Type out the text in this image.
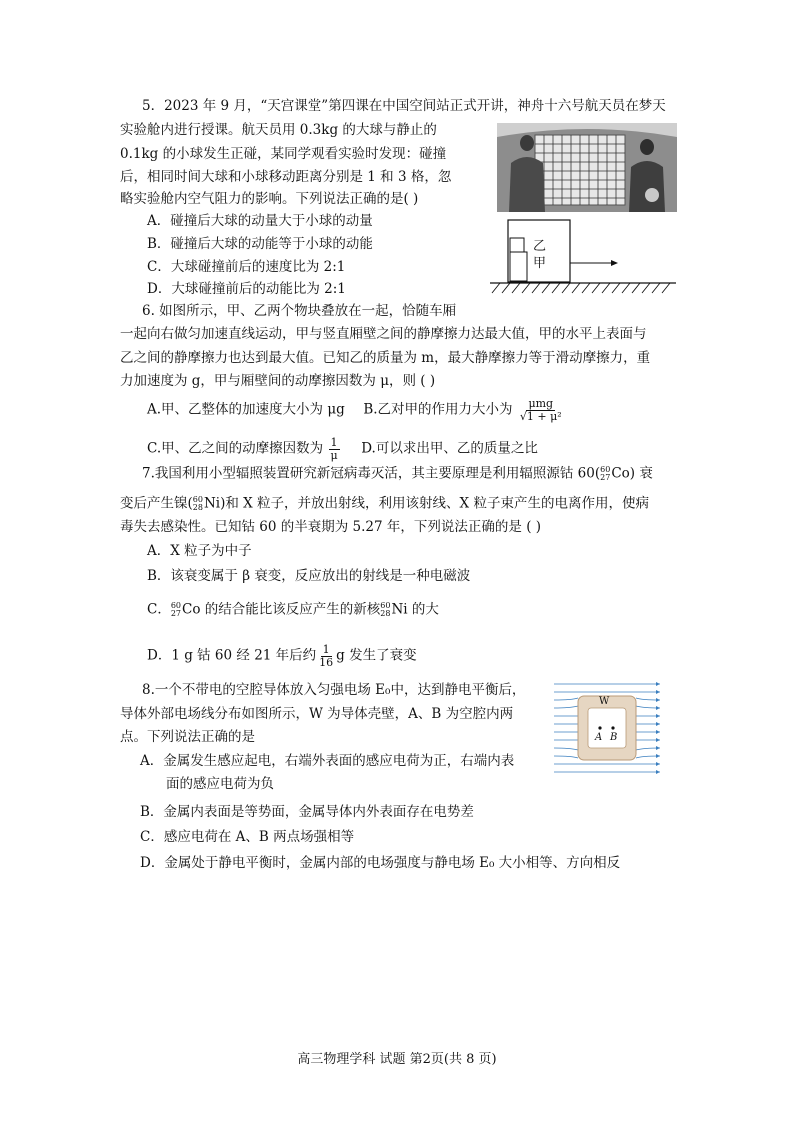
5．2023 年 9 月，“天宫课堂”第四课在中国空间站正式开讲，神舟十六号航天员在梦天
实验舱内进行授课。航天员用 0.3kg 的大球与静止的
0.1kg 的小球发生正碰，某同学观看实验时发现：碰撞
后，相同时间大球和小球移动距离分别是 1 和 3 格，忽
略实验舱内空气阻力的影响。下列说法正确的是( )
A．碰撞后大球的动量大于小球的动量
B．碰撞后大球的动能等于小球的动能
C．大球碰撞前后的速度比为 2:1
D．大球碰撞前后的动能比为 2:1
6. 如图所示，甲、乙两个物块叠放在一起，恰随车厢
一起向右做匀加速直线运动，甲与竖直厢壁之间的静摩擦力达最大值，甲的水平上表面与
乙之间的静摩擦力也达到最大值。已知乙的质量为 m，最大静摩擦力等于滑动摩擦力，重
力加速度为 g，甲与厢壁间的动摩擦因数为 μ，则 ( )
A.甲、乙整体的加速度大小为 μg B.乙对甲的作用力大小为 $\frac{\text{μmg}}{\text{√1 + μ²}}$
C.甲、乙之间的动摩擦因数为 $\frac{1}{\mu} D$.可以求出甲、乙的质量之比
乙
甲
7.我国利用小型辐照装置研究新冠病毒灭活，其主要原理是利用辐照源钴 60( 60
27 Co) 衰
变后产生镍( 60
28 Ni)和 X 粒子，并放出射线，利用该射线、X 粒子束产生的电离作用，使病
毒失去感染性。已知钴 60 的半衰期为 5.27 年，下列说法正确的是 ( )
A．X 粒子为中子
B．该衰变属于 β 衰变，反应放出的射线是一种电磁波
C． 60
27 Co 的结合能比该反应产生的新核 60
28 Ni 的大
D．1 g 钴 60 经 21 年后约 $\frac{1}{16}$ g 发生了衰变
8.一个不带电的空腔导体放入匀强电场 E₀中，达到静电平衡后，
导体外部电场线分布如图所示，W 为导体壳壁，A、B 为空腔内两
点。下列说法正确的是
A．金属发生感应起电，右端外表面的感应电荷为正，右端内表
面的感应电荷为负
B．金属内表面是等势面，金属导体内外表面存在电势差
C．感应电荷在 A、B 两点场强相等
D．金属处于静电平衡时，金属内部的电场强度与静电场 E₀ 大小相等、方向相反
W
A B
高三物理学科 试题 第2页(共 8 页)
